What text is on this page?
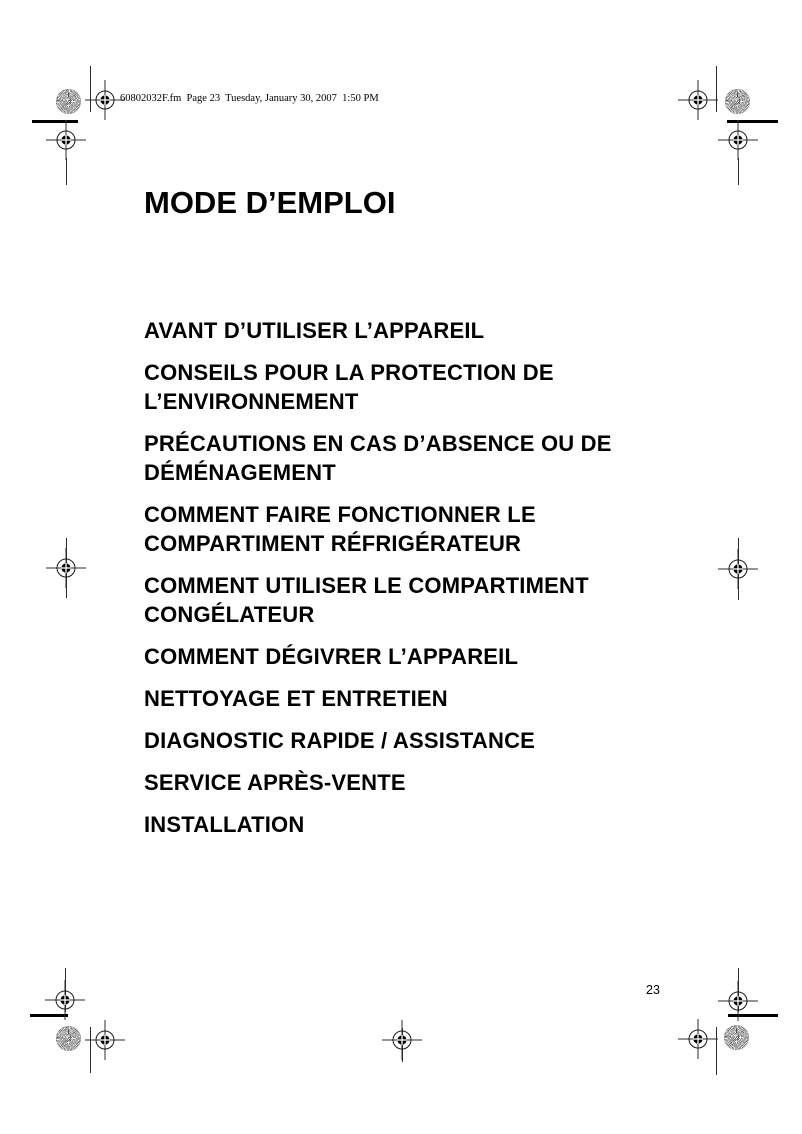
60802032F.fm  Page 23  Tuesday, January 30, 2007  1:50 PM
MODE D’EMPLOI

AVANT D’UTILISER L’APPAREIL

CONSEILS POUR LA PROTECTION DE
L’ENVIRONNEMENT

PRÉCAUTIONS EN CAS D’ABSENCE OU DE
DÉMÉNAGEMENT

COMMENT FAIRE FONCTIONNER LE
COMPARTIMENT RÉFRIGÉRATEUR

COMMENT UTILISER LE COMPARTIMENT
CONGÉLATEUR

COMMENT DÉGIVRER L’APPAREIL

NETTOYAGE ET ENTRETIEN

DIAGNOSTIC RAPIDE / ASSISTANCE

SERVICE APRÈS-VENTE

INSTALLATION

23
